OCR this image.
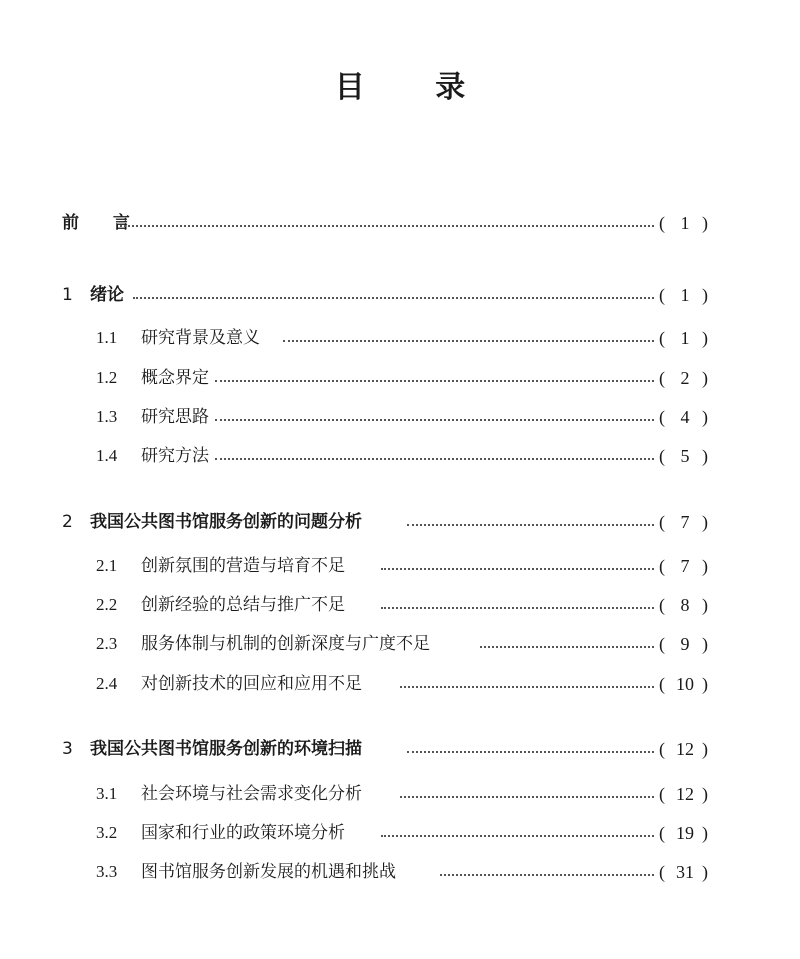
目 录
前 言	( 1 )
1 绪论	( 1 )
1.1 研究背景及意义	( 1 )
1.2 概念界定	( 2 )
1.3 研究思路	( 4 )
1.4 研究方法	( 5 )
2 我国公共图书馆服务创新的问题分析	( 7 )
2.1 创新氛围的营造与培育不足	( 7 )
2.2 创新经验的总结与推广不足	( 8 )
2.3 服务体制与机制的创新深度与广度不足	( 9 )
2.4 对创新技术的回应和应用不足	( 10 )
3 我国公共图书馆服务创新的环境扫描	( 12 )
3.1 社会环境与社会需求变化分析	( 12 )
3.2 国家和行业的政策环境分析	( 19 )
3.3 图书馆服务创新发展的机遇和挑战	( 31 )
